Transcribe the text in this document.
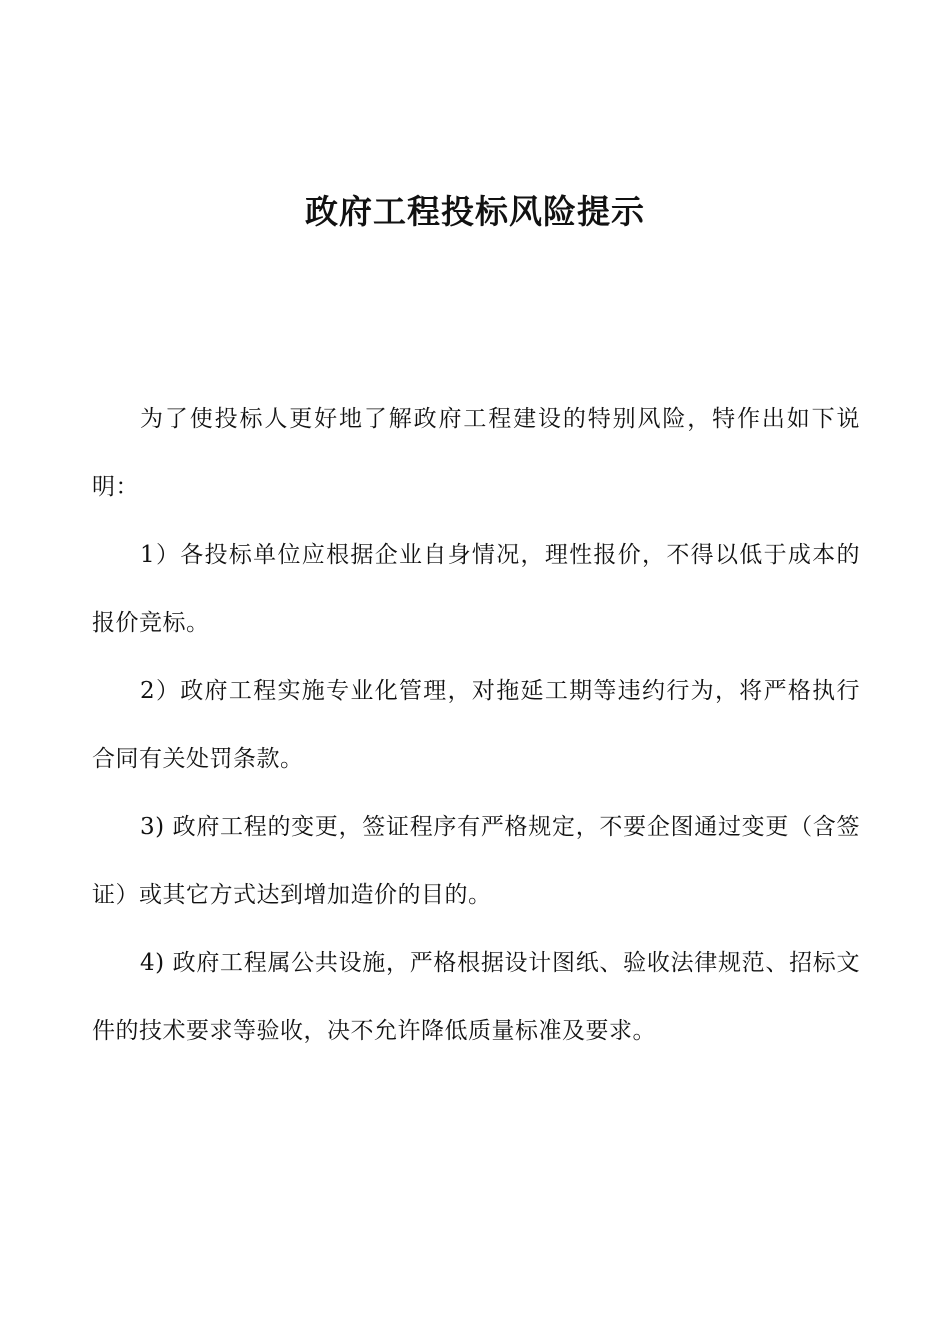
政府工程投标风险提示

为了使投标人更好地了解政府工程建设的特别风险，特作出如下说明：

1）各投标单位应根据企业自身情况，理性报价，不得以低于成本的报价竞标。

2）政府工程实施专业化管理，对拖延工期等违约行为，将严格执行合同有关处罚条款。

3) 政府工程的变更，签证程序有严格规定，不要企图通过变更（含签证）或其它方式达到增加造价的目的。

4) 政府工程属公共设施，严格根据设计图纸、验收法律规范、招标文件的技术要求等验收，决不允许降低质量标准及要求。
